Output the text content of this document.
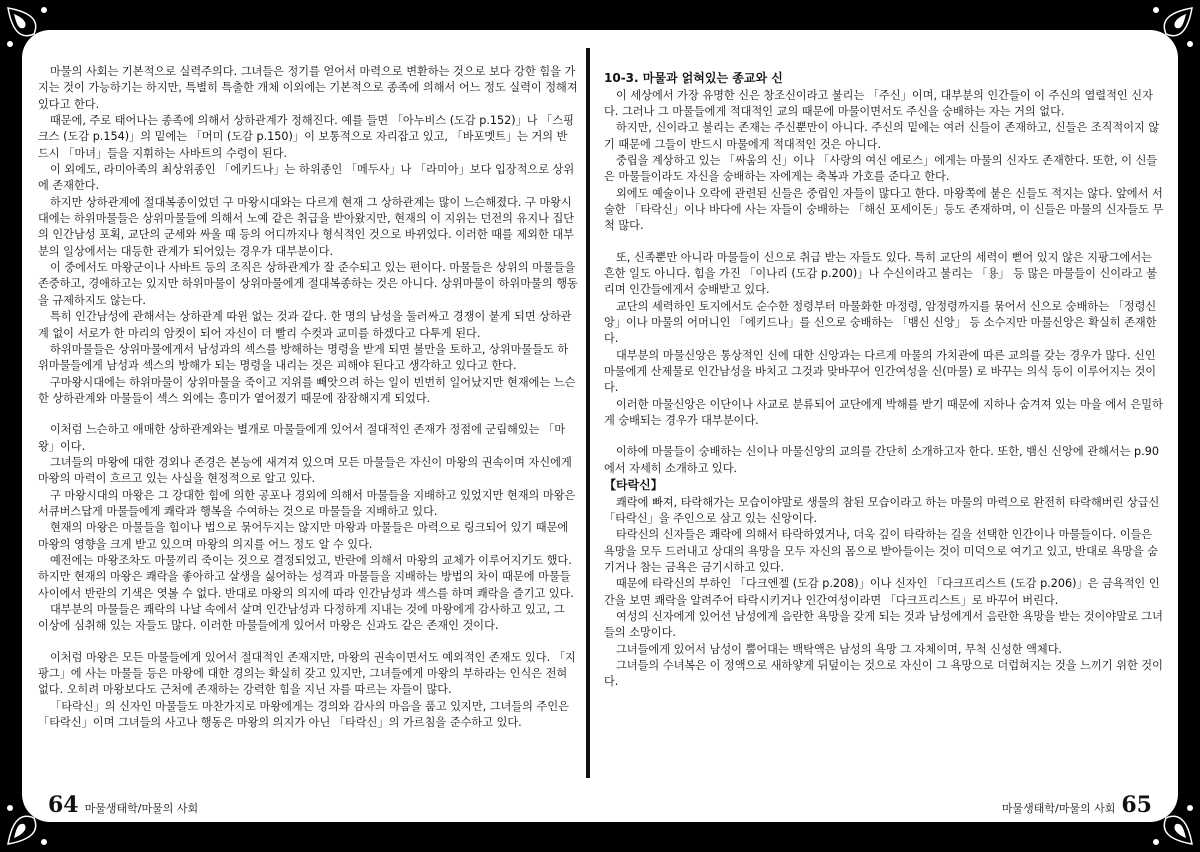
마물의 사회는 기본적으로 실력주의다. 그녀들은 정기를 얻어서 마력으로 변환하는 것으로 보다 강한 힘을 가지는 것이 가능하기는 하지만, 특별히 특출한 개체 이외에는 기본적으로 종족에 의해서 어느 정도 실력이 정해져 있다고 한다.

때문에, 주로 태어나는 종족에 의해서 상하관계가 정해진다. 예를 들면 「아누비스 (도감 p.152)」나 「스핑크스 (도감 p.154)」의 밑에는 「머미 (도감 p.150)」이 보통적으로 자리잡고 있고, 「바포멧트」는 거의 반드시 「마녀」들을 지휘하는 사바트의 수령이 된다.

이 외에도, 라미아족의 최상위종인 「에키드나」는 하위종인 「메두사」나 「라미아」보다 입장적으로 상위에 존재한다.

하지만 상하관계에 절대복종이었던 구 마왕시대와는 다르게 현재 그 상하관계는 많이 느슨해졌다. 구 마왕시대에는 하위마물들은 상위마물들에 의해서 노예 같은 취급을 받아왔지만, 현재의 이 지위는 던전의 유지나 집단의 인간남성 포획, 교단의 군세와 싸울 때 등의 어디까지나 형식적인 것으로 바뀌었다. 이러한 때를 제외한 대부분의 일상에서는 대등한 관계가 되어있는 경우가 대부분이다.

이 중에서도 마왕군이나 사바트 등의 조직은 상하관계가 잘 준수되고 있는 편이다. 마물들은 상위의 마물들을 존중하고, 경애하고는 있지만 하위마물이 상위마물에게 절대복종하는 것은 아니다. 상위마물이 하위마물의 행동을 규제하지도 않는다.

특히 인간남성에 관해서는 상하관계 따윈 없는 것과 같다. 한 명의 남성을 둘러싸고 경쟁이 붙게 되면 상하관계 없이 서로가 한 마리의 암컷이 되어 자신이 더 빨리 수컷과 교미를 하겠다고 다투게 된다.

하위마물들은 상위마물에게서 남성과의 섹스를 방해하는 명령을 받게 되면 불만을 토하고, 상위마물들도 하위마물들에게 남성과 섹스의 방해가 되는 명령을 내리는 것은 피해야 된다고 생각하고 있다고 한다.

구마왕시대에는 하위마물이 상위마물을 죽이고 지위를 빼앗으려 하는 일이 빈번히 일어났지만 현재에는 느슨한 상하관계와 마물들이 섹스 외에는 흥미가 옅어졌기 때문에 잠잠해지게 되었다.

이처럼 느슨하고 애매한 상하관계와는 별개로 마물들에게 있어서 절대적인 존재가 정점에 군림해있는 「마왕」이다.

그녀들의 마왕에 대한 경외나 존경은 본능에 새겨져 있으며 모든 마물들은 자신이 마왕의 권속이며 자신에게 마왕의 마력이 흐르고 있는 사실을 현정적으로 알고 있다.

구 마왕시대의 마왕은 그 강대한 힘에 의한 공포나 경외에 의해서 마물들을 지배하고 있었지만 현재의 마왕은 서큐버스답게 마물들에게 쾌락과 행복을 수여하는 것으로 마물들을 지배하고 있다.

현재의 마왕은 마물들을 힘이나 법으로 묶어두지는 않지만 마왕과 마물들은 마력으로 링크되어 있기 때문에 마왕의 영향을 크게 받고 있으며 마왕의 의지를 어느 정도 알 수 있다.

예전에는 마왕조차도 마물끼리 죽이는 것으로 결정되었고, 반란에 의해서 마왕의 교체가 이루어지기도 했다. 하지만 현재의 마왕은 쾌락을 좋아하고 살생을 싫어하는 성격과 마물들을 지배하는 방법의 차이 때문에 마물들 사이에서 반란의 기색은 엿볼 수 없다. 반대로 마왕의 의지에 따라 인간남성과 섹스를 하며 쾌락을 즐기고 있다.

대부분의 마물들은 쾌락의 나날 속에서 살며 인간남성과 다정하게 지내는 것에 마왕에게 감사하고 있고, 그 이상에 심취해 있는 자들도 많다. 이러한 마물들에게 있어서 마왕은 신과도 같은 존재인 것이다.

이처럼 마왕은 모든 마물들에게 있어서 절대적인 존재지만, 마왕의 권속이면서도 예외적인 존재도 있다. 「지팡그」에 사는 마물들 등은 마왕에 대한 경의는 확실히 갖고 있지만, 그녀들에게 마왕의 부하라는 인식은 전혀 없다. 오히려 마왕보다도 근처에 존재하는 강력한 힘을 지닌 자를 따르는 자들이 많다.

「타락신」의 신자인 마물들도 마찬가지로 마왕에게는 경의와 감사의 마음을 품고 있지만, 그녀들의 주인은 「타락신」이며 그녀들의 사고나 행동은 마왕의 의지가 아닌 「타락신」의 가르침을 준수하고 있다.

64 마물생태학/마물의 사회

10-3. 마물과 얽혀있는 종교와 신

이 세상에서 가장 유명한 신은 창조신이라고 불리는 「주신」이며, 대부분의 인간들이 이 주신의 열렬적인 신자다. 그러나 그 마물들에게 적대적인 교의 때문에 마물이면서도 주신을 숭배하는 자는 거의 없다.

하지만, 신이라고 불리는 존재는 주신뿐만이 아니다. 주신의 밑에는 여러 신들이 존재하고, 신들은 조직적이지 않기 때문에 그들이 반드시 마물에게 적대적인 것은 아니다.

중립을 계상하고 있는 「싸움의 신」이나 「사랑의 여신 에로스」에게는 마물의 신자도 존재한다. 또한, 이 신들은 마물들이라도 자신을 숭배하는 자에게는 축복과 가호를 준다고 한다.

외에도 예술이나 오락에 관련된 신들은 중립인 자들이 많다고 한다. 마왕쪽에 붙은 신들도 적지는 않다. 앞에서 서술한 「타락신」이나 바다에 사는 자들이 숭배하는 「해신 포세이돈」등도 존재하며, 이 신들은 마물의 신자들도 무척 많다.

또, 신족뿐만 아니라 마물들이 신으로 취급 받는 자들도 있다. 특히 교단의 세력이 뻗어 있지 않은 지팡그에서는 흔한 일도 아니다. 힘을 가진 「이나리 (도감 p.200)」나 수신이라고 불리는 「용」 등 많은 마물들이 신이라고 불리며 인간들에게서 숭배받고 있다.

교단의 세력하인 토지에서도 순수한 정령부터 마물화한 마정령, 암정령까지를 묶어서 신으로 숭배하는 「정령신앙」이나 마물의 어머니인 「에키드나」를 신으로 숭배하는 「뱀신 신앙」 등 소수지만 마물신앙은 확실히 존재한다.

대부분의 마물신앙은 통상적인 신에 대한 신앙과는 다르게 마물의 가치관에 따른 교의를 갖는 경우가 많다. 신인 마물에게 산제물로 인간남성을 바치고 그것과 맞바꾸어 인간여성을 신(마물) 로 바꾸는 의식 등이 이루어지는 것이다.

이러한 마물신앙은 이단이나 사교로 분류되어 교단에게 박해를 받기 때문에 지하나 숨겨져 있는 마을 에서 은밀하게 숭배되는 경우가 대부분이다.

이하에 마물들이 숭배하는 신이나 마물신앙의 교의를 간단히 소개하고자 한다. 또한, 뱀신 신앙에 관해서는 p.90에서 자세히 소개하고 있다.

【타락신】

쾌락에 빠져, 타락해가는 모습이야말로 생물의 참된 모습이라고 하는 마물의 마력으로 완전히 타락해버린 상급신 「타락신」을 주인으로 삼고 있는 신앙이다.

타락신의 신자들은 쾌락에 의해서 타락하였거나, 더욱 깊이 타락하는 길을 선택한 인간이나 마물들이다. 이들은 욕망을 모두 드러내고 상대의 욕망을 모두 자신의 몸으로 받아들이는 것이 미덕으로 여기고 있고, 반대로 욕망을 숨기거나 참는 금욕은 금기시하고 있다.

때문에 타락신의 부하인 「다크엔젤 (도감 p.208)」이나 신자인 「다크프리스트 (도감 p.206)」은 금욕적인 인간을 보면 쾌락을 알려주어 타락시키거나 인간여성이라면 「다크프리스트」로 바꾸어 버린다.

여성의 신자에게 있어선 남성에게 음란한 욕망을 갖게 되는 것과 남성에게서 음란한 욕망을 받는 것이야말로 그녀들의 소망이다.

그녀들에게 있어서 남성이 뿜어대는 백탁액은 남성의 욕망 그 자체이며, 무척 신성한 액체다.

그녀들의 수녀복은 이 정액으로 새하얗게 뒤덮이는 것으로 자신이 그 욕망으로 더럽혀지는 것을 느끼기 위한 것이다.

마물생태학/마물의 사회 65
